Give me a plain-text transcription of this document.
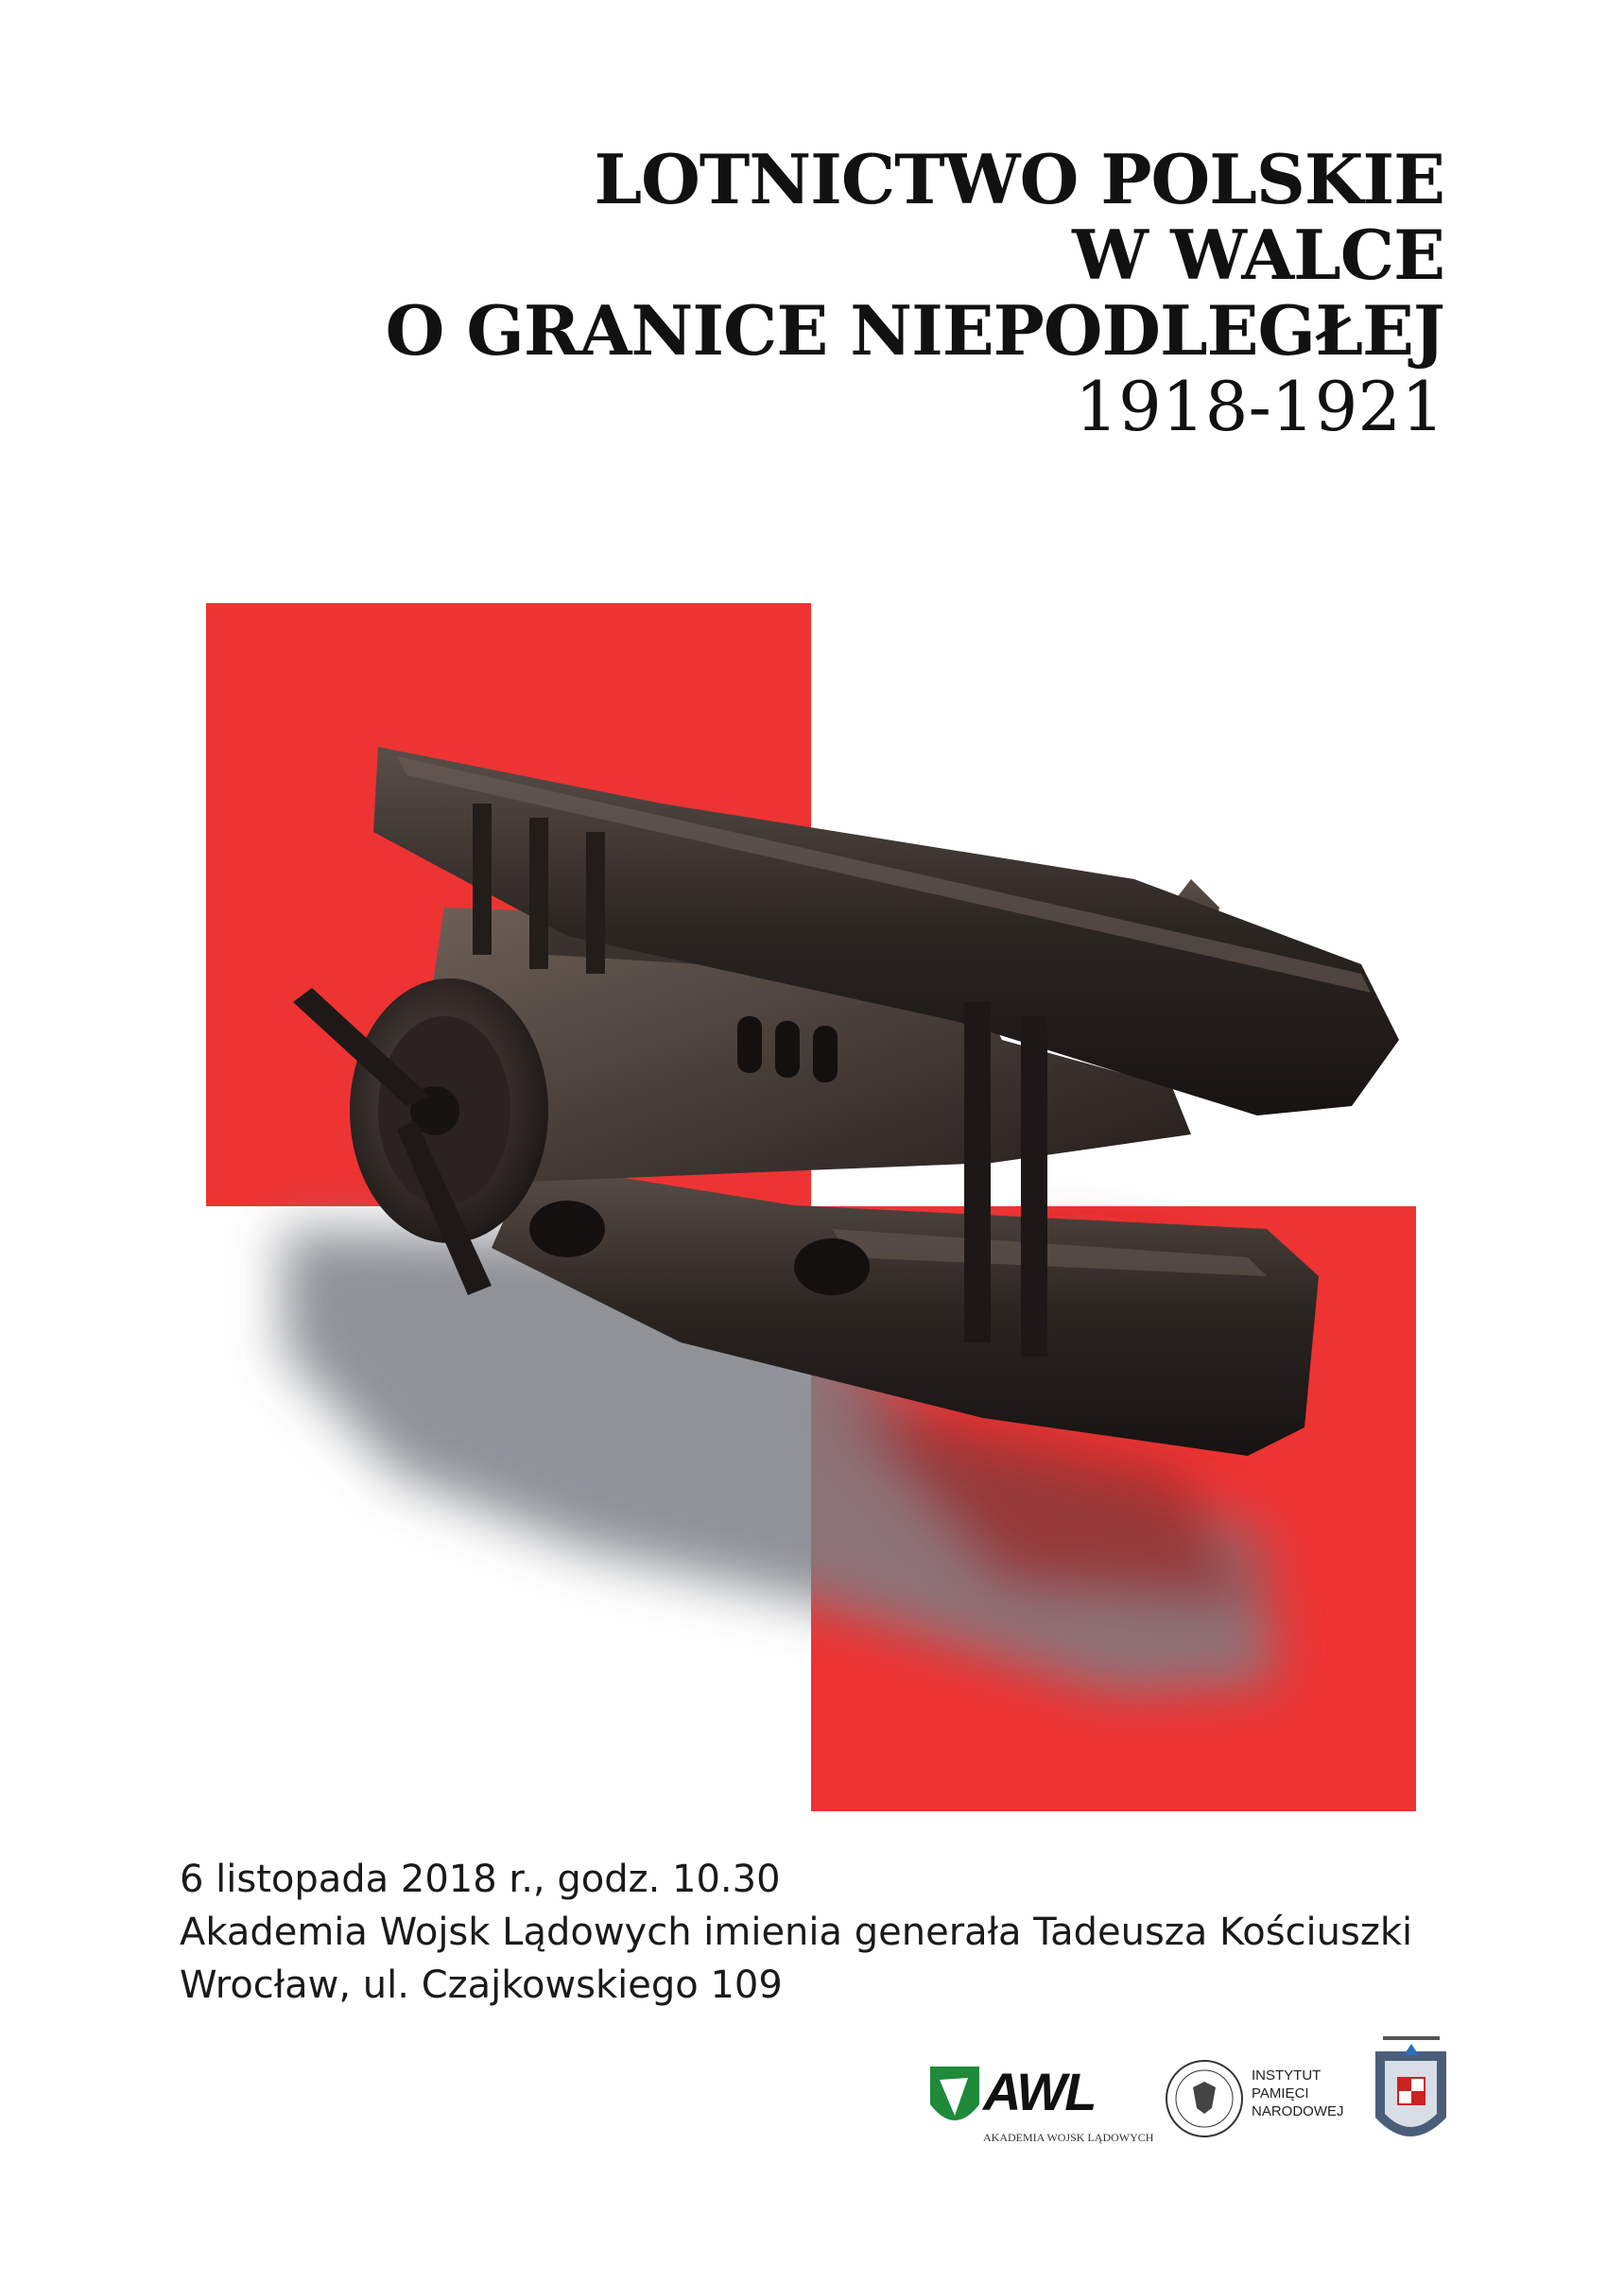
LOTNICTWO POLSKIE
W WALCE
O GRANICE NIEPODLEGŁEJ
1918-1921
6 listopada 2018 r., godz. 10.30
Akademia Wojsk Lądowych imienia generała Tadeusza Kościuszki
Wrocław, ul. Czajkowskiego 109
AWL
AKADEMIA WOJSK LĄDOWYCH
INSTYTUT
PAMIĘCI
NARODOWEJ
